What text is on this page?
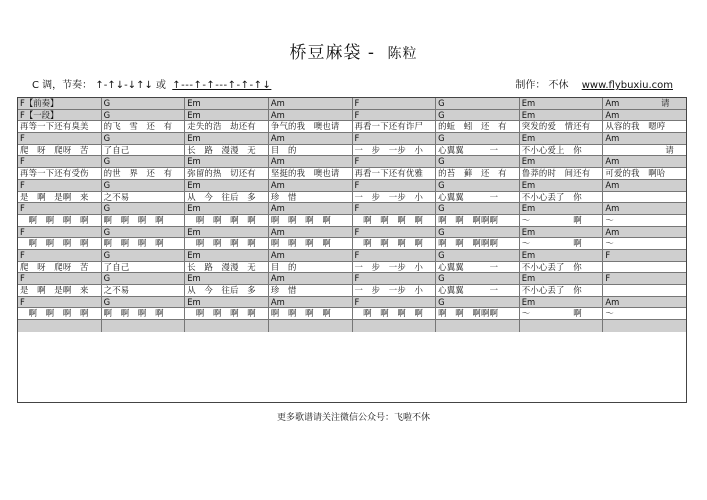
桥豆麻袋 - 陈粒
C 调，节奏： ↑-↑↓-↓↑↓ 或 ↑---↑-↑---↑-↑-↑↓	制作： 不休 www.flybuxiu.com
F【前奏】	G	Em	Am	F	G	Em	Am　　　　　请
F【一段】	G	Em	Am	F	G	Em	Am
再等一下还有臭美	的飞　雪　还　有	走失的浩　劫还有	争气的我　噢也请	再看一下还有诈尸	的蚯　蚓　还　有	突发的爱　情还有	从容的我　嗯哼
F	G	Em	Am	F	G	Em	Am
爬　呀　爬呀　苦	了自己	长　路　漫漫　无	目　的	一　步　一步　小	心翼翼　　　一	不小心爱上　你	　　　　　　　请
F	G	Em	Am	F	G	Em	Am
再等一下还有受伤	的世　界　还　有	弥留的热　切还有	坚挺的我　噢也请	再看一下还有优雅	的苔　藓　还　有	鲁莽的时　间还有	可爱的我　啊哈
F	G	Em	Am	F	G	Em	Am
是　啊　是啊　来	之不易	从　今　往后　多	珍　惜	一　步　一步　小	心翼翼　　　一	不小心丢了　你
F	G	Em	Am	F	G	Em	Am
　啊　啊　啊　啊	啊　啊　啊　啊	　啊　啊　啊　啊	啊　啊　啊　啊	　啊　啊　啊　啊	啊　啊　啊啊啊	～　　　　　啊	～
F	G	Em	Am	F	G	Em	Am
　啊　啊　啊　啊	啊　啊　啊　啊	　啊　啊　啊　啊	啊　啊　啊　啊	　啊　啊　啊　啊	啊　啊　啊啊啊	～　　　　　啊	～
F	G	Em	Am	F	G	Em	F
爬　呀　爬呀　苦	了自己	长　路　漫漫　无	目　的	一　步　一步　小	心翼翼　　　一	不小心丢了　你
F	G	Em	Am	F	G	Em	F
是　啊　是啊　来	之不易	从　今　往后　多	珍　惜	一　步　一步　小	心翼翼　　　一	不小心丢了　你
F	G	Em	Am	F	G	Em	Am
　啊　啊　啊　啊	啊　啊　啊　啊	　啊　啊　啊　啊	啊　啊　啊　啊	　啊　啊　啊　啊	啊　啊　啊啊啊	～　　　　　啊	～
更多歌谱请关注微信公众号：飞啦不休
